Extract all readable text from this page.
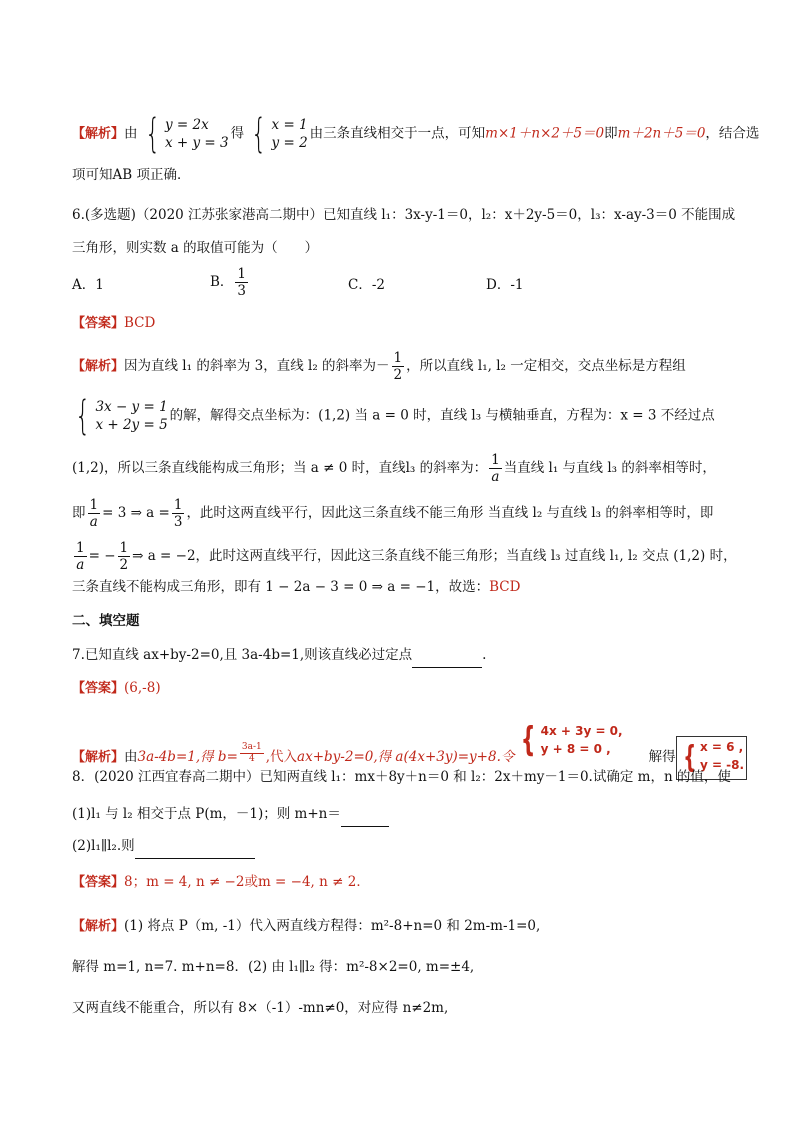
【解析】由 { y = 2x
x + y = 3
得 { x = 1
y = 2
由三条直线相交于一点，可知m×1＋n×2＋5＝0即m＋2n＋5＝0，结合选
项可知AB 项正确．
6.(多选题)（2020 江苏张家港高二期中）已知直线 l₁：3x-y-1＝0，l₂：x＋2y-5＝0，l₃：x-ay-3＝0 不能围成
三角形，则实数 a 的取值可能为（　　）
A．1	B． $\frac{1}{3}$	C．-2	D．-1
【答案】BCD
【解析】因为直线 l₁ 的斜率为 3，直线 l₂ 的斜率为－ $\frac{1}{2}$ ，所以直线 l₁, l₂ 一定相交，交点坐标是方程组
{ 3x − y = 1
x + 2y = 5
的解，解得交点坐标为：(1,2) 当 a = 0 时，直线 l₃ 与横轴垂直，方程为：x = 3 不经过点
(1,2)，所以三条直线能构成三角形；当 a ≠ 0 时，直线l₃ 的斜率为： $\frac{1}{a}$ 当直线 l₁ 与直线 l₃ 的斜率相等时，
即 $\frac{1}{a} = 3$ ⇒ $a = \frac{1}{3}$ ，此时这两直线平行，因此这三条直线不能三角形 当直线 l₂ 与直线 l₃ 的斜率相等时，即
$\frac{1}{a}$ = − $\frac{1}{2}$ ⇒ a = −2，此时这两直线平行，因此这三条直线不能三角形；当直线 l₃ 过直线 l₁, l₂ 交点 (1,2) 时，
三条直线不能构成三角形，即有 1 − 2a − 3 = 0 ⇒ a = −1，故选：BCD
二、填空题
7.已知直线 ax+by-2=0,且 3a-4b=1,则该直线必过定点	.
【答案】(6,-8)
【解析】由3a-4b=1,得 $b= \frac{3a-1}{4}$ ,代入ax+by-2=0,得 a(4x+3y)=y+8.令 { 4x + 3y = 0,
y + 8 = 0 ,	解得 { x = 6 ,
y = -8.
8．(2020 江西宜春高二期中）已知两直线 l₁：mx＋8y＋n＝0 和 l₂：2x＋my－1＝0.试确定 m，n 的值，使
(1)l₁ 与 l₂ 相交于点 P(m，－1)；则 m+n＝
(2)l₁∥l₂.则
【答案】8；m = 4, n ≠ −2或m = −4, n ≠ 2．
【解析】(1) 将点 P（m, -1）代入两直线方程得：m²-8+n=0 和 2m-m-1=0,
解得 m=1, n=7. m+n=8．(2) 由 l₁∥l₂ 得：m²-8×2=0, m=±4,
又两直线不能重合，所以有 8×（-1）-mn≠0，对应得 n≠2m,
